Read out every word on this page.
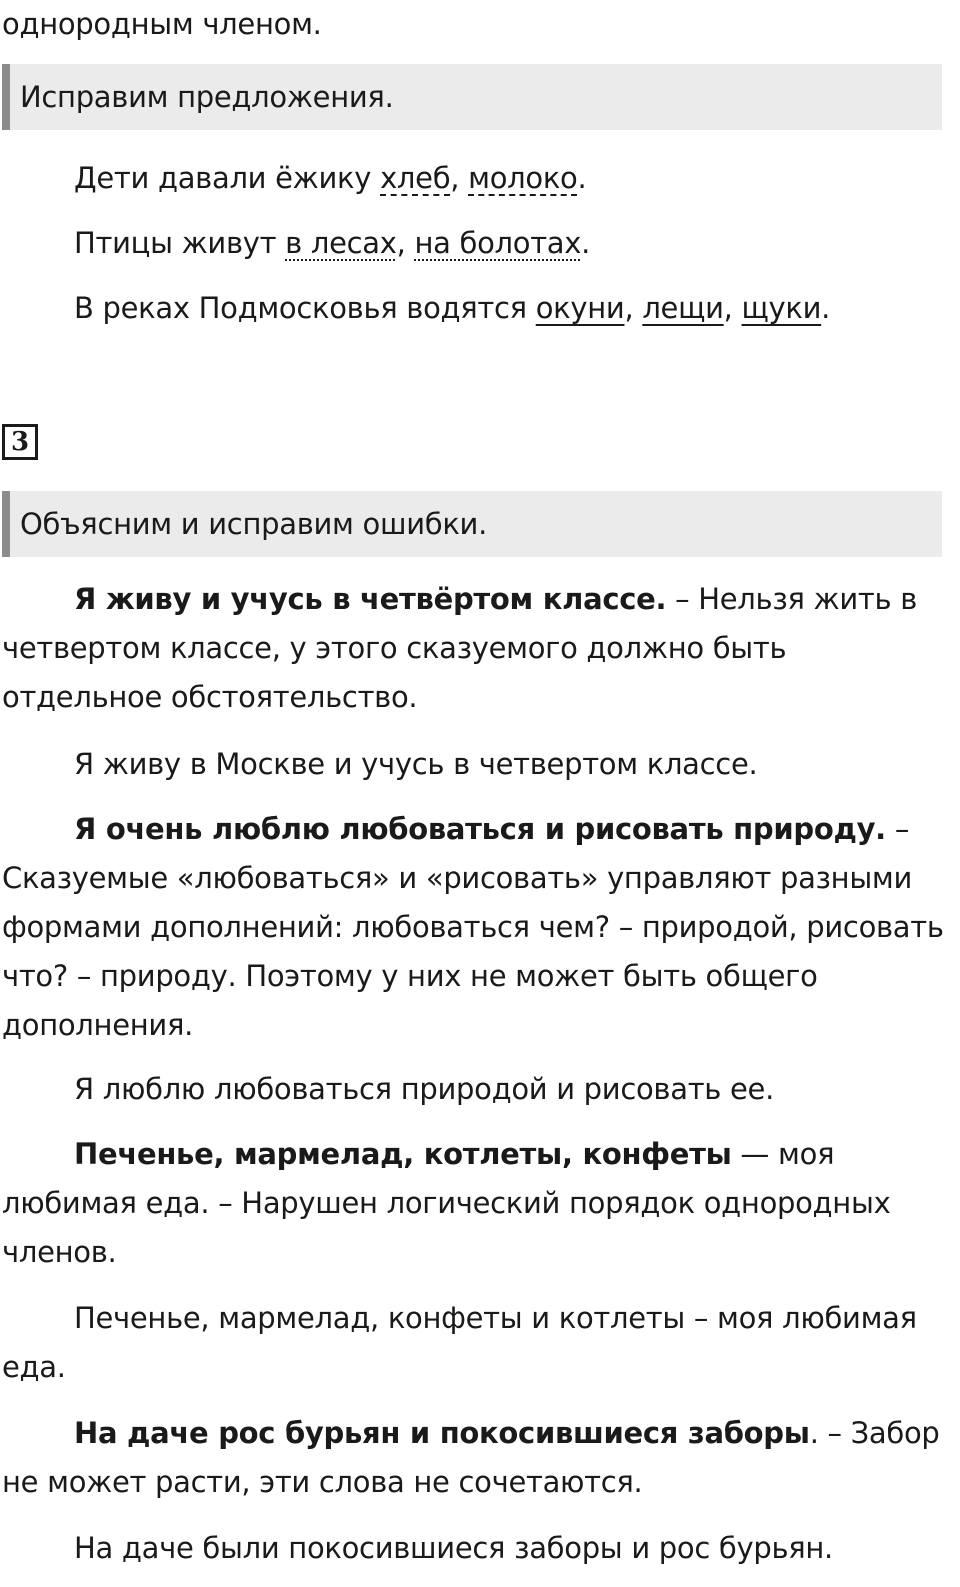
однородным членом.
Исправим предложения.
Дети давали ёжику хлеб, молоко.
Птицы живут в лесах, на болотах.
В реках Подмосковья водятся окуни, лещи, щуки.
3
Объясним и исправим ошибки.
Я живу и учусь в четвёртом классе. – Нельзя жить в четвертом классе, у этого сказуемого должно быть отдельное обстоятельство.
Я живу в Москве и учусь в четвертом классе.
Я очень люблю любоваться и рисовать природу. – Сказуемые «любоваться» и «рисовать» управляют разными формами дополнений: любоваться чем? – природой, рисовать что? – природу. Поэтому у них не может быть общего дополнения.
Я люблю любоваться природой и рисовать ее.
Печенье, мармелад, котлеты, конфеты — моя любимая еда. – Нарушен логический порядок однородных членов.
Печенье, мармелад, конфеты и котлеты – моя любимая еда.
На даче рос бурьян и покосившиеся заборы. – Забор не может расти, эти слова не сочетаются.
На даче были покосившиеся заборы и рос бурьян.
